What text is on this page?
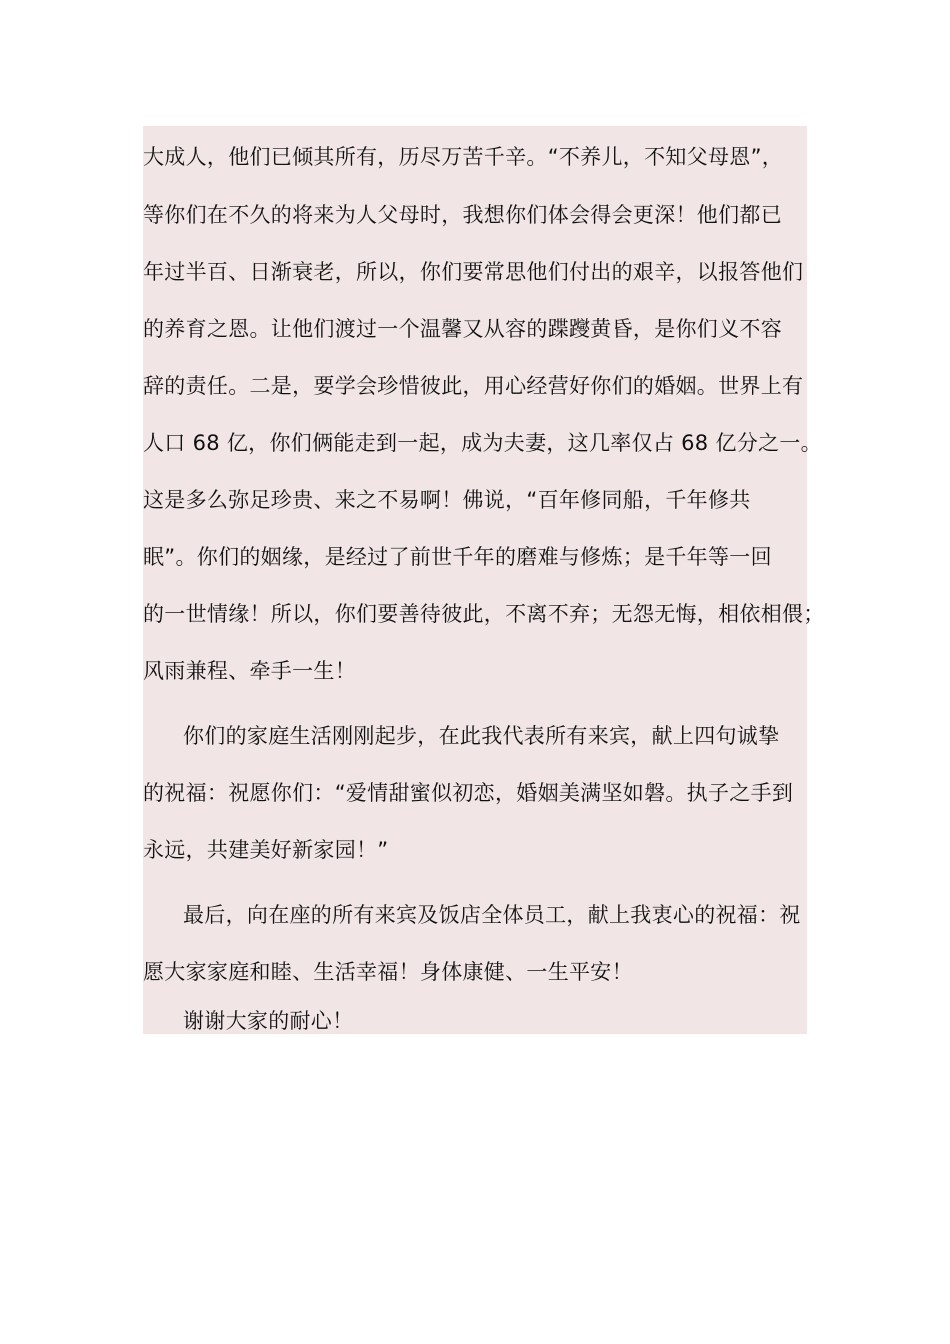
大成人，他们已倾其所有，历尽万苦千辛。“不养儿，不知父母恩”，
等你们在不久的将来为人父母时，我想你们体会得会更深！他们都已
年过半百、日渐衰老，所以，你们要常思他们付出的艰辛，以报答他们
的养育之恩。让他们渡过一个温馨又从容的蹀躞黄昏，是你们义不容
辞的责任。二是，要学会珍惜彼此，用心经营好你们的婚姻。世界上有
人口 68 亿，你们俩能走到一起，成为夫妻，这几率仅占 68 亿分之一。
这是多么弥足珍贵、来之不易啊！佛说，“百年修同船，千年修共
眠”。你们的姻缘，是经过了前世千年的磨难与修炼；是千年等一回
的一世情缘！所以，你们要善待彼此，不离不弃；无怨无悔，相依相偎；
风雨兼程、牵手一生！
你们的家庭生活刚刚起步，在此我代表所有来宾，献上四句诚挚
的祝福：祝愿你们：“爱情甜蜜似初恋，婚姻美满坚如磐。执子之手到
永远，共建美好新家园！”
最后，向在座的所有来宾及饭店全体员工，献上我衷心的祝福：祝
愿大家家庭和睦、生活幸福！身体康健、一生平安！
谢谢大家的耐心！
